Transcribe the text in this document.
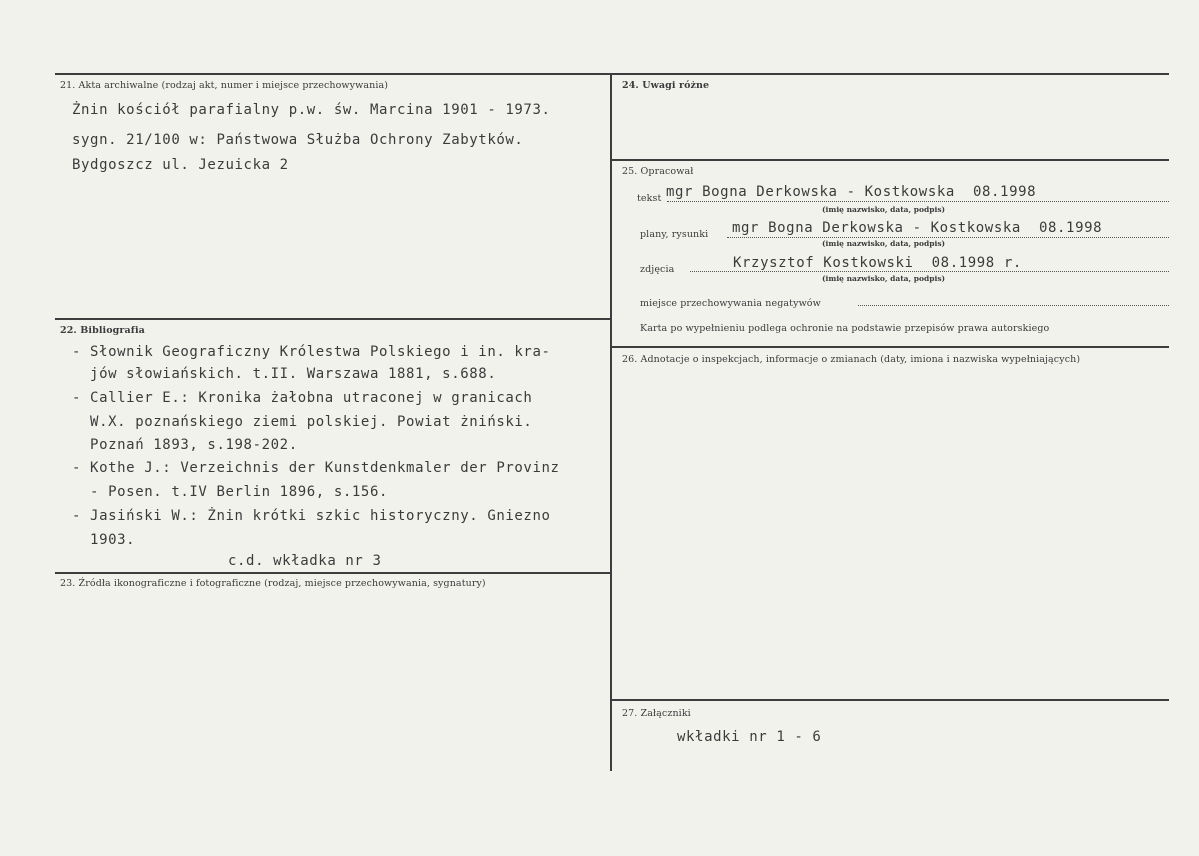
21. Akta archiwalne (rodzaj akt, numer i miejsce przechowywania)
Żnin kościół parafialny p.w. św. Marcina 1901 - 1973.
sygn. 21/100 w: Państwowa Służba Ochrony Zabytków.
Bydgoszcz ul. Jezuicka 2
22. Bibliografia
- Słownik Geograficzny Królestwa Polskiego i in. kra-
jów słowiańskich. t.II. Warszawa 1881, s.688.
- Callier E.: Kronika żałobna utraconej w granicach
W.X. poznańskiego ziemi polskiej. Powiat żniński.
Poznań 1893, s.198-202.
- Kothe J.: Verzeichnis der Kunstdenkmaler der Provinz
- Posen. t.IV Berlin 1896, s.156.
- Jasiński W.: Żnin krótki szkic historyczny. Gniezno
1903.
c.d. wkładka nr 3
23. Źródła ikonograficzne i fotograficzne (rodzaj, miejsce przechowywania, sygnatury)
24. Uwagi różne
25. Opracował
tekst mgr Bogna Derkowska - Kostkowska  08.1998
(imię nazwisko, data, podpis)
plany, rysunki mgr Bogna Derkowska - Kostkowska  08.1998
(imię nazwisko, data, podpis)
zdjęcia	Krzysztof Kostkowski  08.1998 r.
(imię nazwisko, data, podpis)
miejsce przechowywania negatywów
Karta po wypełnieniu podlega ochronie na podstawie przepisów prawa autorskiego
26. Adnotacje o inspekcjach, informacje o zmianach (daty, imiona i nazwiska wypełniających)
27. Załączniki
wkładki nr 1 - 6
